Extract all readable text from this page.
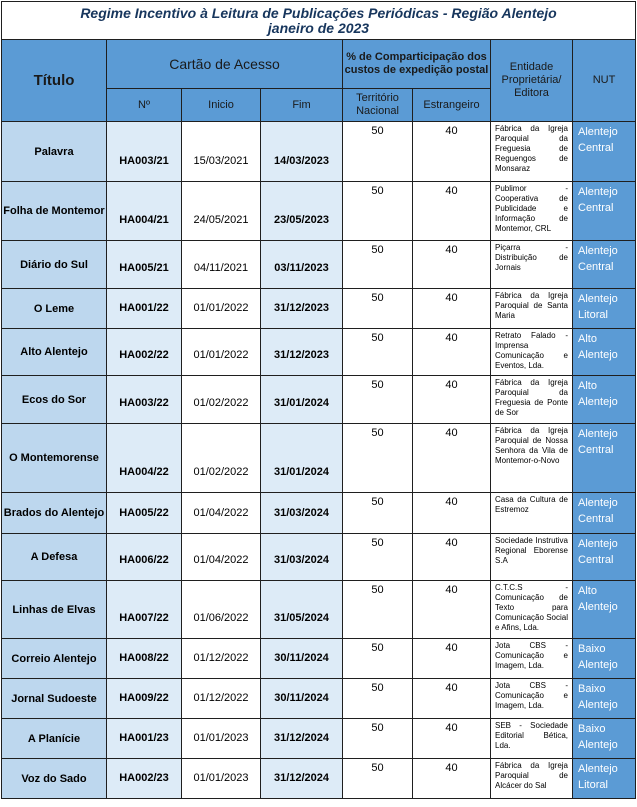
Regime Incentivo à Leitura de Publicações Periódicas - Região Alentejo
janeiro de 2023							

Título	Cartão de Acesso			% de Comparticipação dos custos de expedição postal		Entidade Proprietária/ Editora	NUT
	Nº	Inicio	Fim	Território Nacional	Estrangeiro		
Palavra	HA003/21	15/03/2021	14/03/2023	50	40	Fábrica da Igreja Paroquial da Freguesia de Reguengos de Monsaraz	Alentejo Central
Folha de Montemor	HA004/21	24/05/2021	23/05/2023	50	40	Publimor - Cooperativa de Publicidade e Informação de Montemor, CRL	Alentejo Central
Diário do Sul	HA005/21	04/11/2021	03/11/2023	50	40	Piçarra - Distribuição de Jornais	Alentejo Central
O Leme	HA001/22	01/01/2022	31/12/2023	50	40	Fábrica da Igreja Paroquial de Santa Maria	Alentejo Litoral
Alto Alentejo	HA002/22	01/01/2022	31/12/2023	50	40	Retrato Falado - Imprensa Comunicação e Eventos, Lda.	Alto Alentejo
Ecos do Sor	HA003/22	01/02/2022	31/01/2024	50	40	Fábrica da Igreja Paroquial da Freguesia de Ponte de Sor	Alto Alentejo
O Montemorense	HA004/22	01/02/2022	31/01/2024	50	40	Fábrica da Igreja Paroquial de Nossa Senhora da Vila de Montemor-o-Novo	Alentejo Central
Brados do Alentejo	HA005/22	01/04/2022	31/03/2024	50	40	Casa da Cultura de Estremoz	Alentejo Central
A Defesa	HA006/22	01/04/2022	31/03/2024	50	40	Sociedade Instrutiva Regional Eborense S.A	Alentejo Central
Linhas de Elvas	HA007/22	01/06/2022	31/05/2024	50	40	C.T.C.S - Comunicação de Texto para Comunicação Social e Afins, Lda.	Alto Alentejo
Correio Alentejo	HA008/22	01/12/2022	30/11/2024	50	40	Jota CBS - Comunicação e Imagem, Lda.	Baixo Alentejo
Jornal Sudoeste	HA009/22	01/12/2022	30/11/2024	50	40	Jota CBS - Comunicação e Imagem, Lda.	Baixo Alentejo
A Planície	HA001/23	01/01/2023	31/12/2024	50	40	SEB - Sociedade Editorial Bética, Lda.	Baixo Alentejo
Voz do Sado	HA002/23	01/01/2023	31/12/2024	50	40	Fábrica da Igreja Paroquial de Alcácer do Sal	Alentejo Litoral
